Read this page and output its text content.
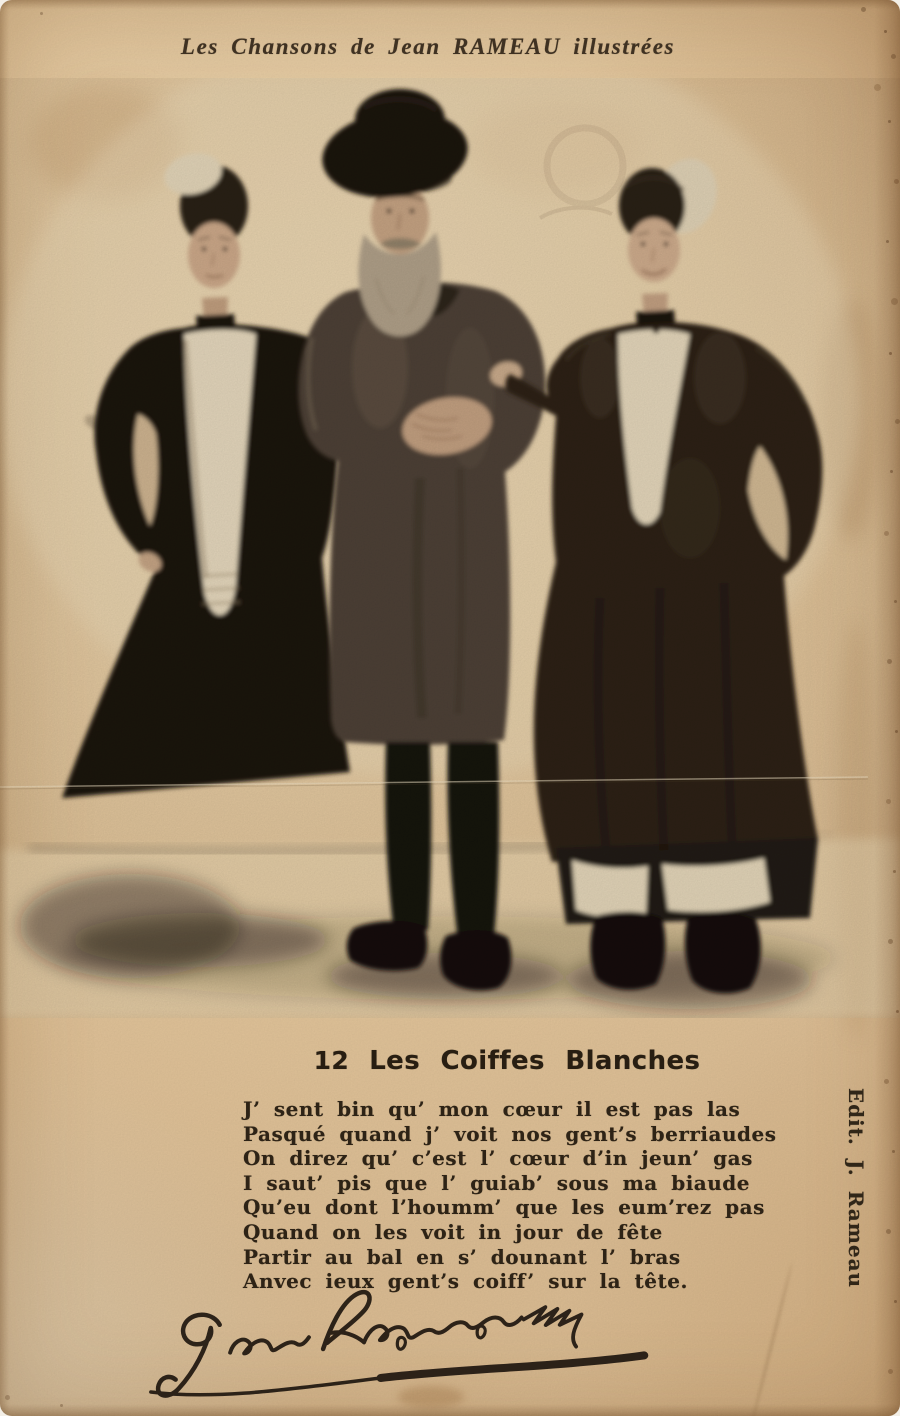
Les Chansons de Jean RAMEAU illustrées
12 Les Coiffes Blanches
J’ sent bin qu’ mon cœur il est pas las
Pasqué quand j’ voit nos gent’s berriaudes
On direz qu’ c’est l’ cœur d’in jeun’ gas
I saut’ pis que l’ guiab’ sous ma biaude
Qu’eu dont l’houmm’ que les eum’rez pas
Quand on les voit in jour de fête
Partir au bal en s’ dounant l’ bras
Anvec ieux gent’s coiff’ sur la tête.	Edit. J. Rameau
